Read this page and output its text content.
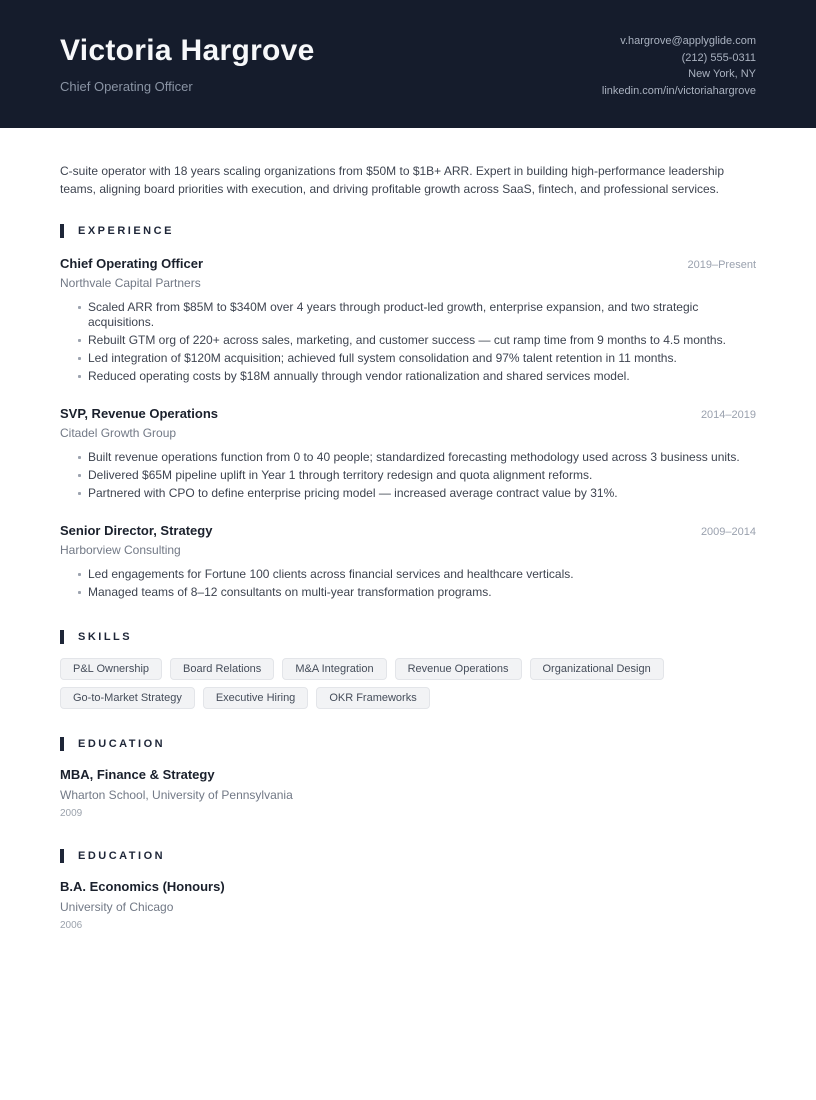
Victoria Hargrove
Chief Operating Officer
v.hargrove@applyglide.com
(212) 555-0311
New York, NY
linkedin.com/in/victoriahargrove

C-suite operator with 18 years scaling organizations from $50M to $1B+ ARR. Expert in building high-performance leadership teams, aligning board priorities with execution, and driving profitable growth across SaaS, fintech, and professional services.

EXPERIENCE
Chief Operating Officer	2019–Present
Northvale Capital Partners
Scaled ARR from $85M to $340M over 4 years through product-led growth, enterprise expansion, and two strategic acquisitions.
Rebuilt GTM org of 220+ across sales, marketing, and customer success — cut ramp time from 9 months to 4.5 months.
Led integration of $120M acquisition; achieved full system consolidation and 97% talent retention in 11 months.
Reduced operating costs by $18M annually through vendor rationalization and shared services model.
SVP, Revenue Operations	2014–2019
Citadel Growth Group
Built revenue operations function from 0 to 40 people; standardized forecasting methodology used across 3 business units.
Delivered $65M pipeline uplift in Year 1 through territory redesign and quota alignment reforms.
Partnered with CPO to define enterprise pricing model — increased average contract value by 31%.
Senior Director, Strategy	2009–2014
Harborview Consulting
Led engagements for Fortune 100 clients across financial services and healthcare verticals.
Managed teams of 8–12 consultants on multi-year transformation programs.
SKILLS
P&L Ownership	Board Relations	M&A Integration	Revenue Operations	Organizational Design
Go-to-Market Strategy	Executive Hiring	OKR Frameworks
EDUCATION
MBA, Finance & Strategy
Wharton School, University of Pennsylvania
2009
EDUCATION
B.A. Economics (Honours)
University of Chicago
2006
